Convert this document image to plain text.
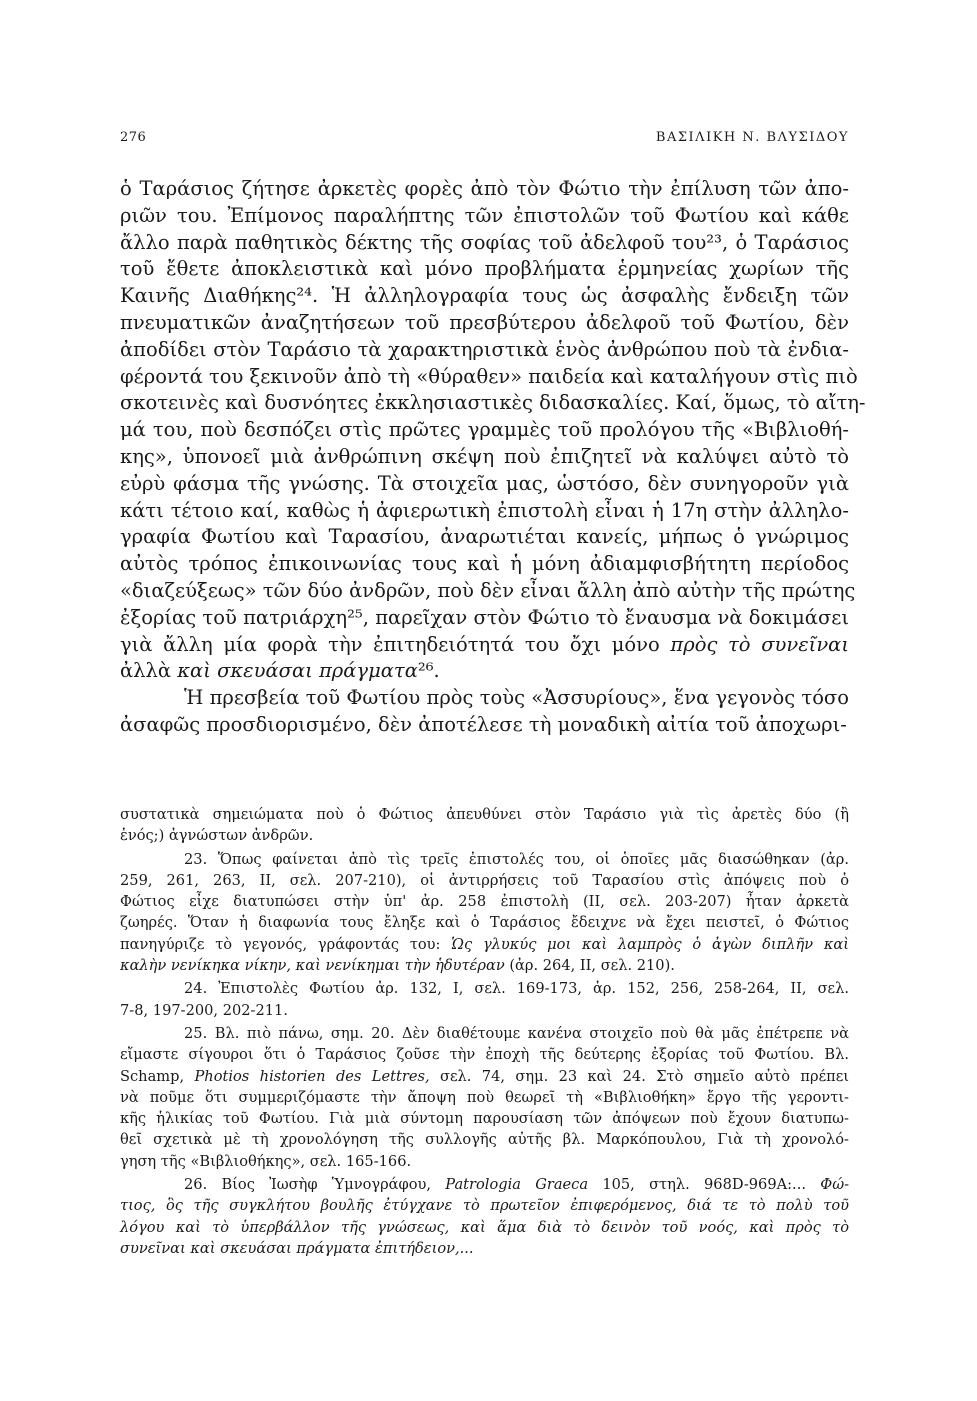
276	ΒΑΣΙΛΙΚΗ Ν. ΒΛΥΣΙΔΟΥ
ὁ Ταράσιος ζήτησε ἀρκετὲς φορὲς ἀπὸ τὸν Φώτιο τὴν ἐπίλυση τῶν ἀπο-
ριῶν του. Ἐπίμονος παραλήπτης τῶν ἐπιστολῶν τοῦ Φωτίου καὶ κάθε
ἄλλο παρὰ παθητικὸς δέκτης τῆς σοφίας τοῦ ἀδελφοῦ του²³, ὁ Ταράσιος
τοῦ ἔθετε ἀποκλειστικὰ καὶ μόνο προβλήματα ἑρμηνείας χωρίων τῆς
Καινῆς Διαθήκης²⁴. Ἡ ἀλληλογραφία τους ὡς ἀσφαλὴς ἔνδειξη τῶν
πνευματικῶν ἀναζητήσεων τοῦ πρεσβύτερου ἀδελφοῦ τοῦ Φωτίου, δὲν
ἀποδίδει στὸν Ταράσιο τὰ χαρακτηριστικὰ ἑνὸς ἀνθρώπου ποὺ τὰ ἐνδια-
φέροντά του ξεκινοῦν ἀπὸ τὴ «θύραθεν» παιδεία καὶ καταλήγουν στὶς πιὸ
σκοτεινὲς καὶ δυσνόητες ἐκκλησιαστικὲς διδασκαλίες. Καί, ὅμως, τὸ αἴτη-
μά του, ποὺ δεσπόζει στὶς πρῶτες γραμμὲς τοῦ προλόγου τῆς «Βιβλιοθή-
κης», ὑπονοεῖ μιὰ ἀνθρώπινη σκέψη ποὺ ἐπιζητεῖ νὰ καλύψει αὐτὸ τὸ
εὐρὺ φάσμα τῆς γνώσης. Τὰ στοιχεῖα μας, ὡστόσο, δὲν συνηγοροῦν γιὰ
κάτι τέτοιο καί, καθὼς ἡ ἀφιερωτικὴ ἐπιστολὴ εἶναι ἡ 17η στὴν ἀλληλο-
γραφία Φωτίου καὶ Ταρασίου, ἀναρωτιέται κανείς, μήπως ὁ γνώριμος
αὐτὸς τρόπος ἐπικοινωνίας τους καὶ ἡ μόνη ἀδιαμφισβήτητη περίοδος
«διαζεύξεως» τῶν δύο ἀνδρῶν, ποὺ δὲν εἶναι ἄλλη ἀπὸ αὐτὴν τῆς πρώτης
ἐξορίας τοῦ πατριάρχη²⁵, παρεῖχαν στὸν Φώτιο τὸ ἔναυσμα νὰ δοκιμάσει
γιὰ ἄλλη μία φορὰ τὴν ἐπιτηδειότητά του ὄχι μόνο πρὸς τὸ συνεῖναι
ἀλλὰ καὶ σκευάσαι πράγματα²⁶.
Ἡ πρεσβεία τοῦ Φωτίου πρὸς τοὺς «Ἀσσυρίους», ἕνα γεγονὸς τόσο
ἀσαφῶς προσδιορισμένο, δὲν ἀποτέλεσε τὴ μοναδικὴ αἰτία τοῦ ἀποχωρι-
συστατικὰ σημειώματα ποὺ ὁ Φώτιος ἀπευθύνει στὸν Ταράσιο γιὰ τὶς ἀρετὲς δύο (ἢ
ἑνός;) ἀγνώστων ἀνδρῶν.
23. Ὅπως φαίνεται ἀπὸ τὶς τρεῖς ἐπιστολές του, οἱ ὁποῖες μᾶς διασώθηκαν (ἀρ.
259, 261, 263, II, σελ. 207-210), οἱ ἀντιρρήσεις τοῦ Ταρασίου στὶς ἀπόψεις ποὺ ὁ
Φώτιος εἶχε διατυπώσει στὴν ὑπ' ἀρ. 258 ἐπιστολὴ (II, σελ. 203-207) ἦταν ἀρκετὰ
ζωηρές. Ὅταν ἡ διαφωνία τους ἔληξε καὶ ὁ Ταράσιος ἔδειχνε νὰ ἔχει πειστεῖ, ὁ Φώτιος
πανηγύριζε τὸ γεγονός, γράφοντάς του: Ὡς γλυκύς μοι καὶ λαμπρὸς ὁ ἀγὼν διπλῆν καὶ
καλὴν νενίκηκα νίκην, καὶ νενίκημαι τὴν ἡδυτέραν (ἀρ. 264, II, σελ. 210).
24. Ἐπιστολὲς Φωτίου ἀρ. 132, I, σελ. 169-173, ἀρ. 152, 256, 258-264, II, σελ.
7-8, 197-200, 202-211.
25. Βλ. πιὸ πάνω, σημ. 20. Δὲν διαθέτουμε κανένα στοιχεῖο ποὺ θὰ μᾶς ἐπέτρεπε νὰ
εἴμαστε σίγουροι ὅτι ὁ Ταράσιος ζοῦσε τὴν ἐποχὴ τῆς δεύτερης ἐξορίας τοῦ Φωτίου. Βλ.
Schamp, Photios historien des Lettres, σελ. 74, σημ. 23 καὶ 24. Στὸ σημεῖο αὐτὸ πρέπει
νὰ ποῦμε ὅτι συμμεριζόμαστε τὴν ἄποψη ποὺ θεωρεῖ τὴ «Βιβλιοθήκη» ἔργο τῆς γεροντι-
κῆς ἡλικίας τοῦ Φωτίου. Γιὰ μιὰ σύντομη παρουσίαση τῶν ἀπόψεων ποὺ ἔχουν διατυπω-
θεῖ σχετικὰ μὲ τὴ χρονολόγηση τῆς συλλογῆς αὐτῆς βλ. Μαρκόπουλου, Γιὰ τὴ χρονολό-
γηση τῆς «Βιβλιοθήκης», σελ. 165-166.
26. Βίος Ἰωσὴφ Ὑμνογράφου, Patrologia Graeca 105, στηλ. 968D-969A:... Φώ-
τιος, ὃς τῆς συγκλήτου βουλῆς ἐτύγχανε τὸ πρωτεῖον ἐπιφερόμενος, διά τε τὸ πολὺ τοῦ
λόγου καὶ τὸ ὑπερβάλλον τῆς γνώσεως, καὶ ἅμα διὰ τὸ δεινὸν τοῦ νοός, καὶ πρὸς τὸ
συνεῖναι καὶ σκευάσαι πράγματα ἐπιτήδειον,...
